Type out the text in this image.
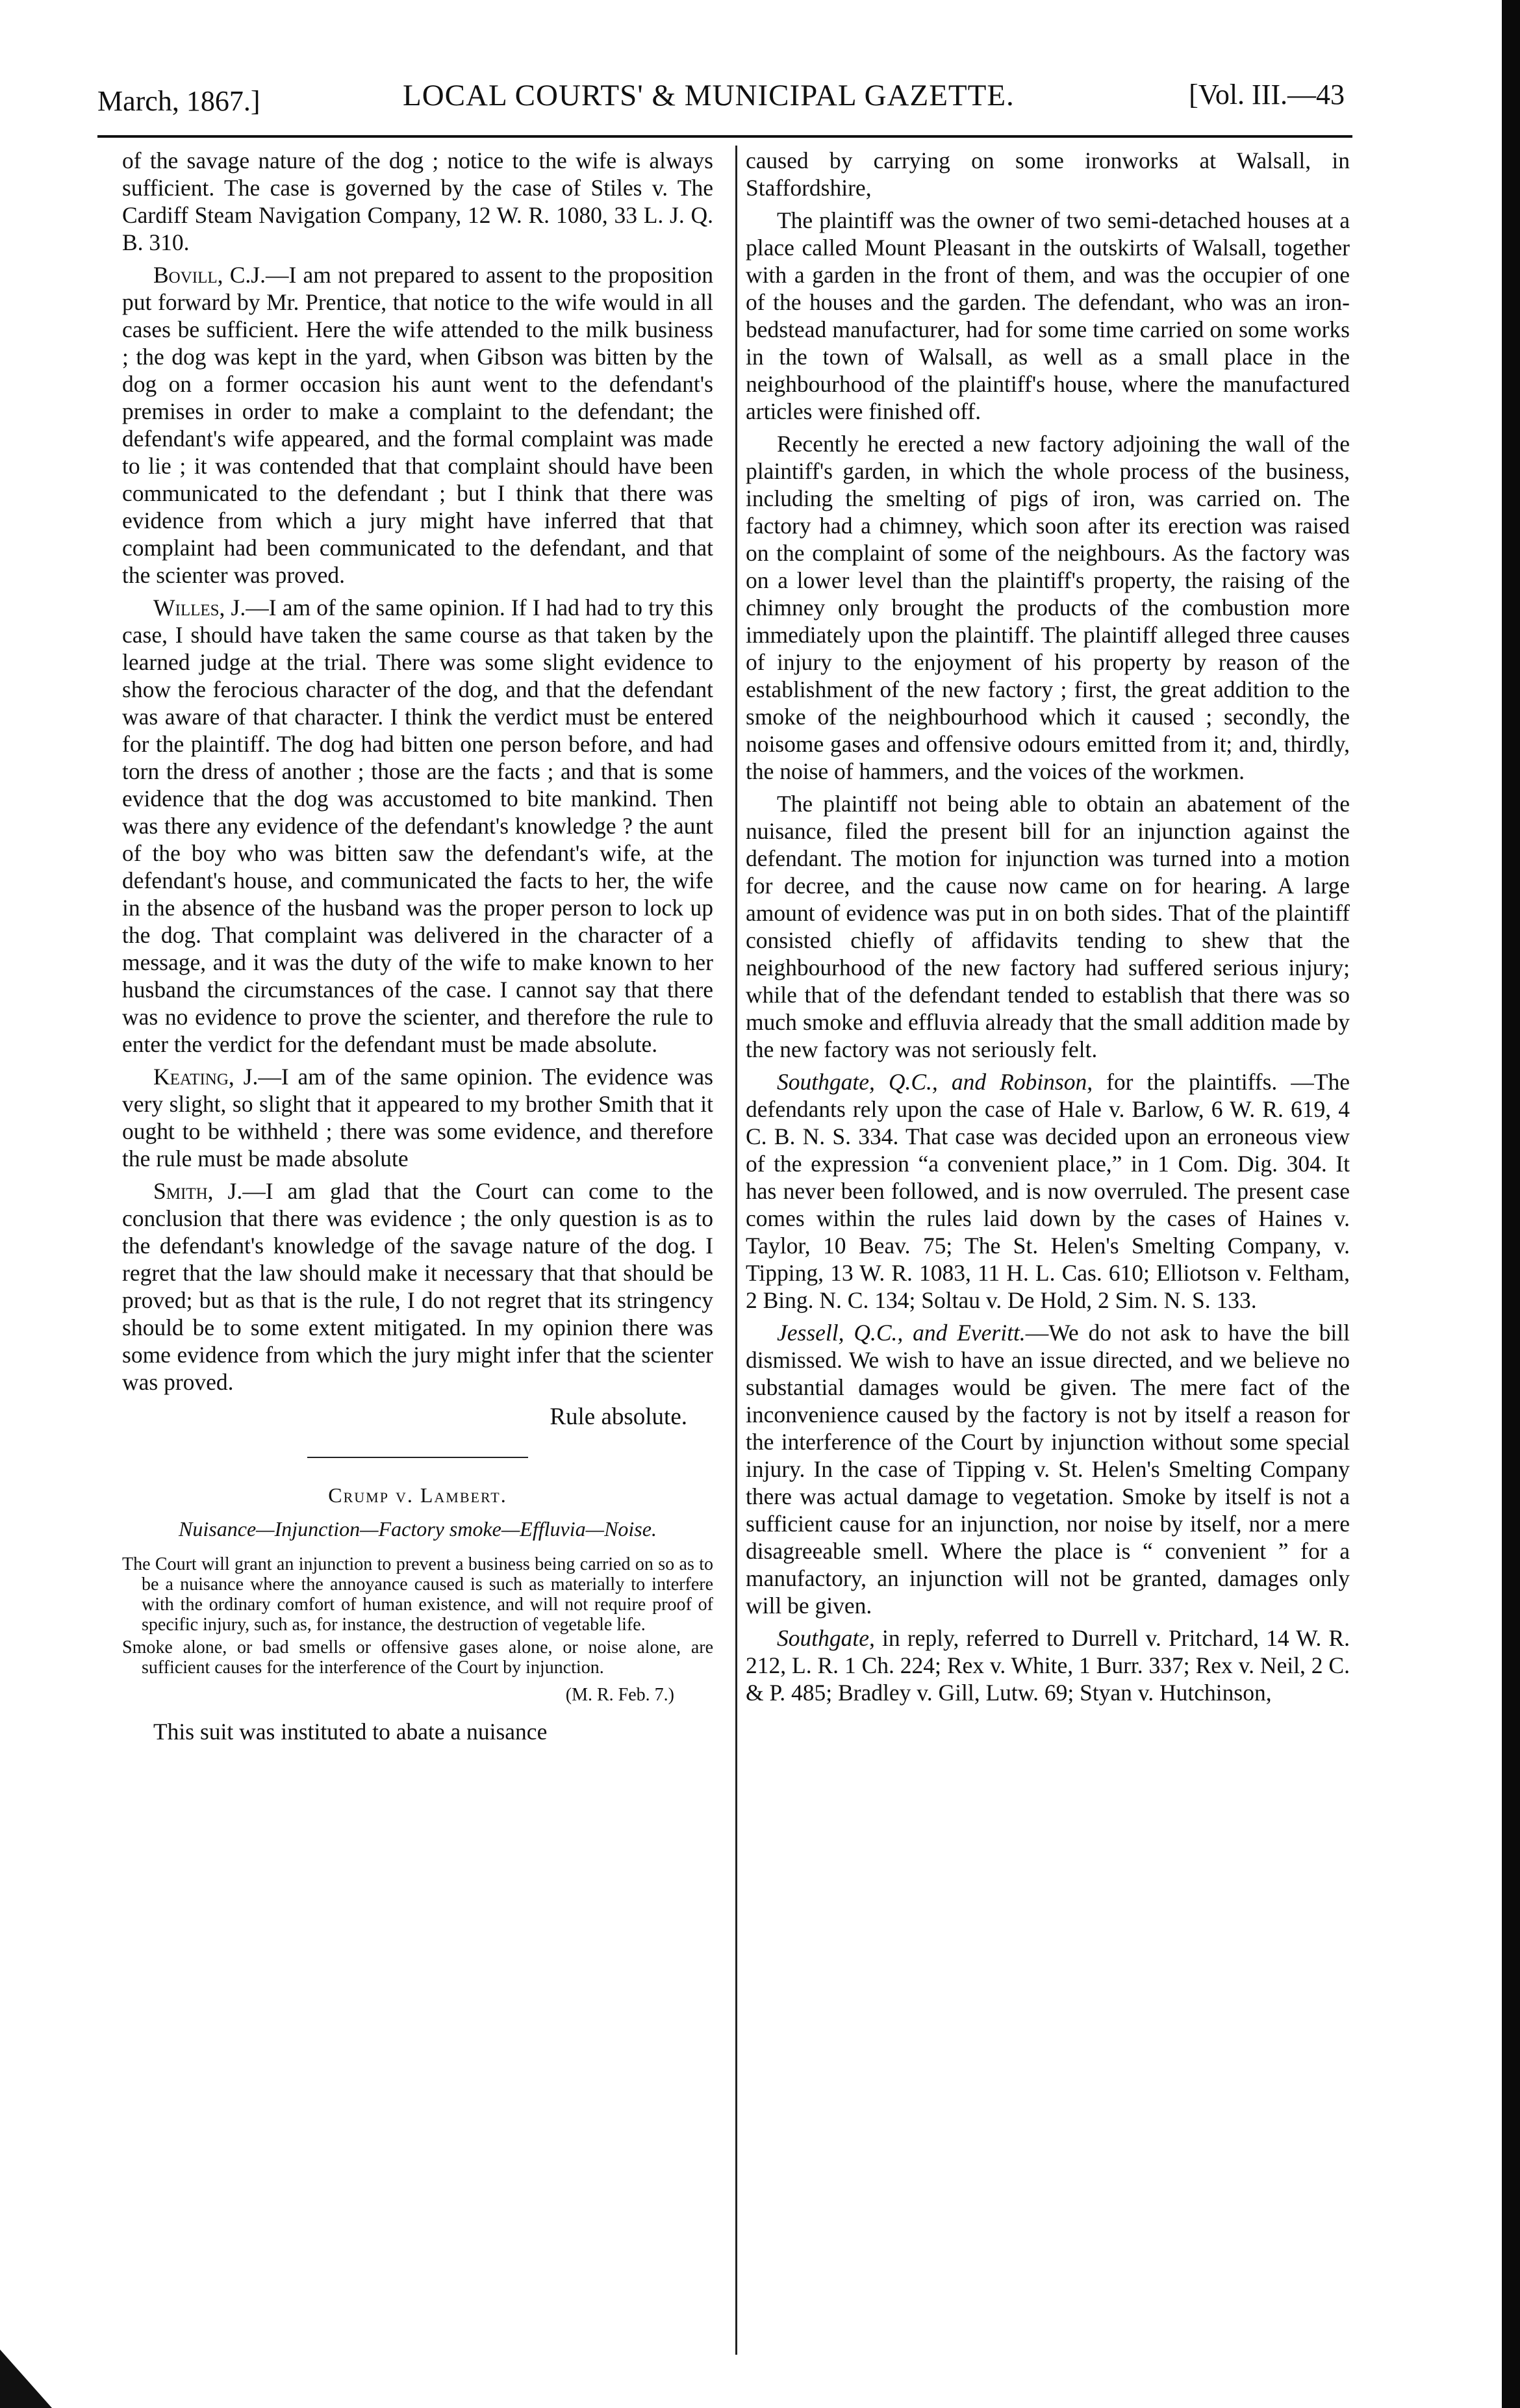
March, 1867.]	LOCAL COURTS' & MUNICIPAL GAZETTE.	[Vol. III.—43

of the savage nature of the dog ; notice to the wife is always sufficient. The case is governed by the case of Stiles v. The Cardiff Steam Navigation Company, 12 W. R. 1080, 33 L. J. Q. B. 310.

Bovill, C.J.—I am not prepared to assent to the proposition put forward by Mr. Prentice, that notice to the wife would in all cases be sufficient. Here the wife attended to the milk business ; the dog was kept in the yard, when Gibson was bitten by the dog on a former occasion his aunt went to the defendant's premises in order to make a complaint to the defendant; the defendant's wife appeared, and the formal complaint was made to lie ; it was contended that that complaint should have been communicated to the defendant ; but I think that there was evidence from which a jury might have inferred that that complaint had been communicated to the defendant, and that the scienter was proved.

Willes, J.—I am of the same opinion. If I had had to try this case, I should have taken the same course as that taken by the learned judge at the trial. There was some slight evidence to show the ferocious character of the dog, and that the defendant was aware of that character. I think the verdict must be entered for the plaintiff. The dog had bitten one person before, and had torn the dress of another ; those are the facts ; and that is some evidence that the dog was accustomed to bite mankind. Then was there any evidence of the defendant's knowledge ? the aunt of the boy who was bitten saw the defendant's wife, at the defendant's house, and communicated the facts to her, the wife in the absence of the husband was the proper person to lock up the dog. That complaint was delivered in the character of a message, and it was the duty of the wife to make known to her husband the circumstances of the case. I cannot say that there was no evidence to prove the scienter, and therefore the rule to enter the verdict for the defendant must be made absolute.

Keating, J.—I am of the same opinion. The evidence was very slight, so slight that it appeared to my brother Smith that it ought to be withheld ; there was some evidence, and therefore the rule must be made absolute

Smith, J.—I am glad that the Court can come to the conclusion that there was evidence ; the only question is as to the defendant's knowledge of the savage nature of the dog. I regret that the law should make it necessary that that should be proved; but as that is the rule, I do not regret that its stringency should be to some extent mitigated. In my opinion there was some evidence from which the jury might infer that the scienter was proved.

Rule absolute.
Crump v. Lambert.
Nuisance—Injunction—Factory smoke—Effluvia—Noise.

The Court will grant an injunction to prevent a business being carried on so as to be a nuisance where the annoyance caused is such as materially to interfere with the ordinary comfort of human existence, and will not require proof of specific injury, such as, for instance, the destruction of vegetable life.

Smoke alone, or bad smells or offensive gases alone, or noise alone, are sufficient causes for the interference of the Court by injunction.

(M. R. Feb. 7.)

This suit was instituted to abate a nuisance

caused by carrying on some ironworks at Walsall, in Staffordshire,

The plaintiff was the owner of two semi-detached houses at a place called Mount Pleasant in the outskirts of Walsall, together with a garden in the front of them, and was the occupier of one of the houses and the garden. The defendant, who was an iron-bedstead manufacturer, had for some time carried on some works in the town of Walsall, as well as a small place in the neighbourhood of the plaintiff's house, where the manufactured articles were finished off.

Recently he erected a new factory adjoining the wall of the plaintiff's garden, in which the whole process of the business, including the smelting of pigs of iron, was carried on. The factory had a chimney, which soon after its erection was raised on the complaint of some of the neighbours. As the factory was on a lower level than the plaintiff's property, the raising of the chimney only brought the products of the combustion more immediately upon the plaintiff. The plaintiff alleged three causes of injury to the enjoyment of his property by reason of the establishment of the new factory ; first, the great addition to the smoke of the neighbourhood which it caused ; secondly, the noisome gases and offensive odours emitted from it; and, thirdly, the noise of hammers, and the voices of the workmen.

The plaintiff not being able to obtain an abatement of the nuisance, filed the present bill for an injunction against the defendant. The motion for injunction was turned into a motion for decree, and the cause now came on for hearing. A large amount of evidence was put in on both sides. That of the plaintiff consisted chiefly of affidavits tending to shew that the neighbourhood of the new factory had suffered serious injury; while that of the defendant tended to establish that there was so much smoke and effluvia already that the small addition made by the new factory was not seriously felt.

Southgate, Q.C., and Robinson, for the plaintiffs. —The defendants rely upon the case of Hale v. Barlow, 6 W. R. 619, 4 C. B. N. S. 334. That case was decided upon an erroneous view of the expression “a convenient place,” in 1 Com. Dig. 304. It has never been followed, and is now overruled. The present case comes within the rules laid down by the cases of Haines v. Taylor, 10 Beav. 75; The St. Helen's Smelting Company, v. Tipping, 13 W. R. 1083, 11 H. L. Cas. 610; Elliotson v. Feltham, 2 Bing. N. C. 134; Soltau v. De Hold, 2 Sim. N. S. 133.

Jessell, Q.C., and Everitt.—We do not ask to have the bill dismissed. We wish to have an issue directed, and we believe no substantial damages would be given. The mere fact of the inconvenience caused by the factory is not by itself a reason for the interference of the Court by injunction without some special injury. In the case of Tipping v. St. Helen's Smelting Company there was actual damage to vegetation. Smoke by itself is not a sufficient cause for an injunction, nor noise by itself, nor a mere disagreeable smell. Where the place is “ convenient ” for a manufactory, an injunction will not be granted, damages only will be given.

Southgate, in reply, referred to Durrell v. Pritchard, 14 W. R. 212, L. R. 1 Ch. 224; Rex v. White, 1 Burr. 337; Rex v. Neil, 2 C. & P. 485; Bradley v. Gill, Lutw. 69; Styan v. Hutchinson,
